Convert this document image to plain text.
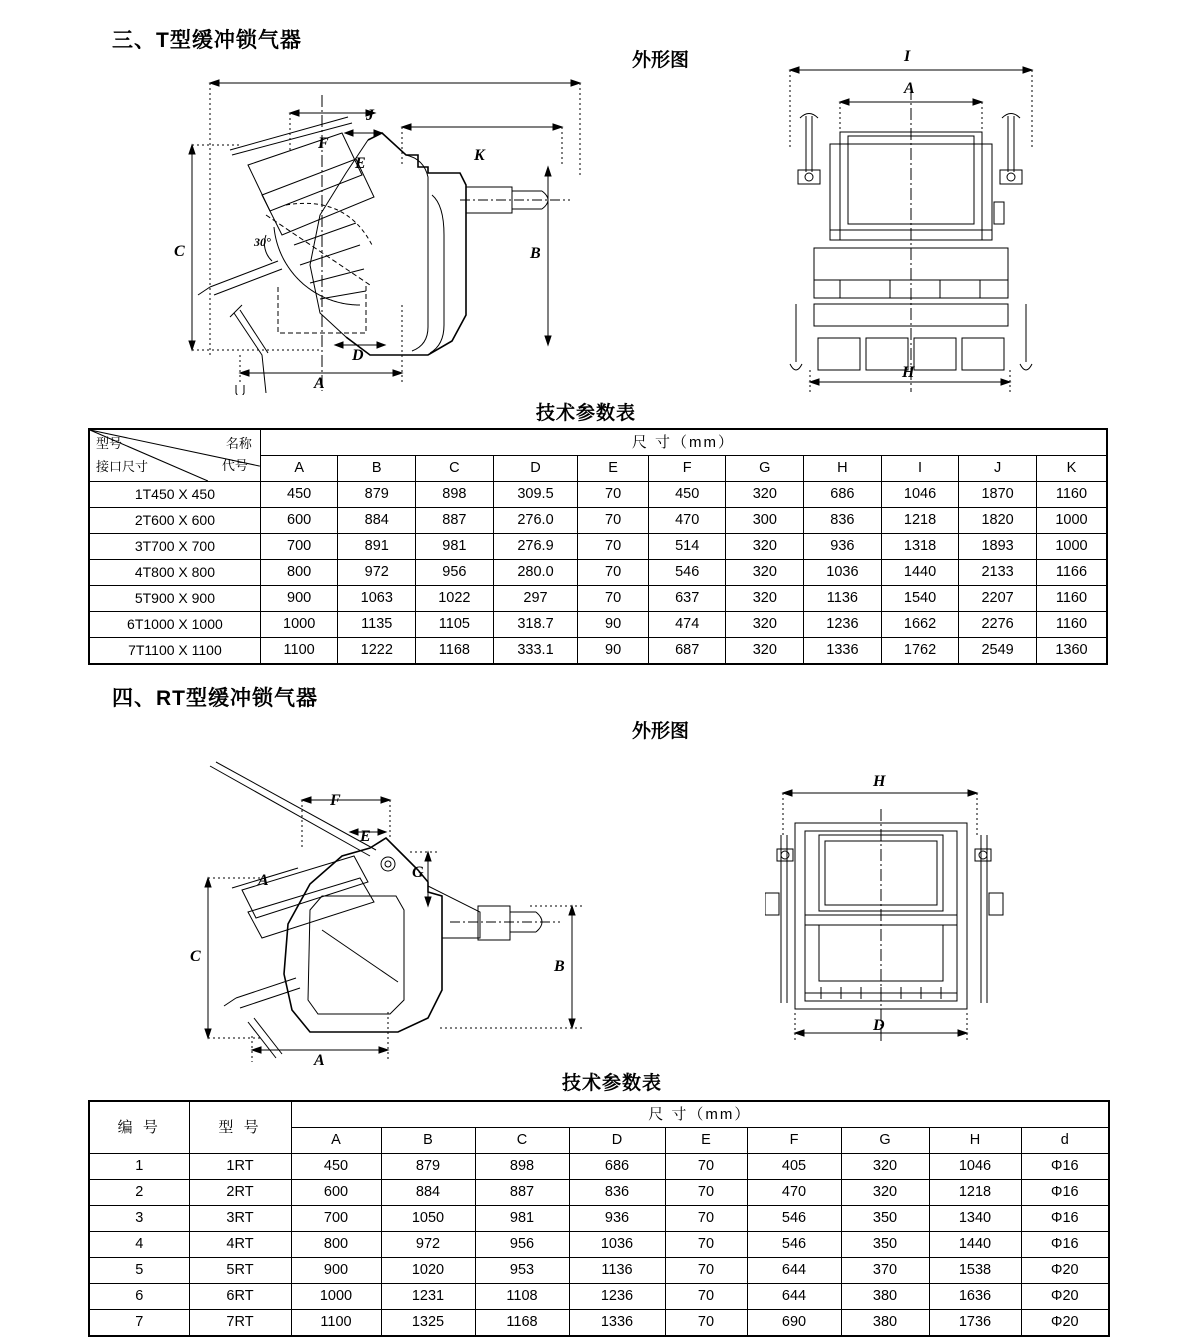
三、T型缓冲锁气器
外形图
J
F
E	K
C	B
A
D
30°
I
A
H
技术参数表
名称
接口尺寸
型号
代号	尺 寸（mm）										
	A	B	C	D	E	F	G	H	I	J	K
1T450 X 450	450	879	898	309.5	70	450	320	686	1046	1870	1160
2T600 X 600	600	884	887	276.0	70	470	300	836	1218	1820	1000
3T700 X 700	700	891	981	276.9	70	514	320	936	1318	1893	1000
4T800 X 800	800	972	956	280.0	70	546	320	1036	1440	2133	1166
5T900 X 900	900	1063	1022	297	70	637	320	1136	1540	2207	1160
6T1000 X 1000	1000	1135	1105	318.7	90	474	320	1236	1662	2276	1160
7T1100 X 1100	1100	1222	1168	333.1	90	687	320	1336	1762	2549	1360
四、RT型缓冲锁气器
外形图
F
E
G
A
C
B
A
H
D
技术参数表
编 号	型 号	尺 寸（mm）								
		A	B	C	D	E	F	G	H	d
1	1RT	450	879	898	686	70	405	320	1046	Φ16
2	2RT	600	884	887	836	70	470	320	1218	Φ16
3	3RT	700	1050	981	936	70	546	350	1340	Φ16
4	4RT	800	972	956	1036	70	546	350	1440	Φ16
5	5RT	900	1020	953	1136	70	644	370	1538	Φ20
6	6RT	1000	1231	1108	1236	70	644	380	1636	Φ20
7	7RT	1100	1325	1168	1336	70	690	380	1736	Φ20
